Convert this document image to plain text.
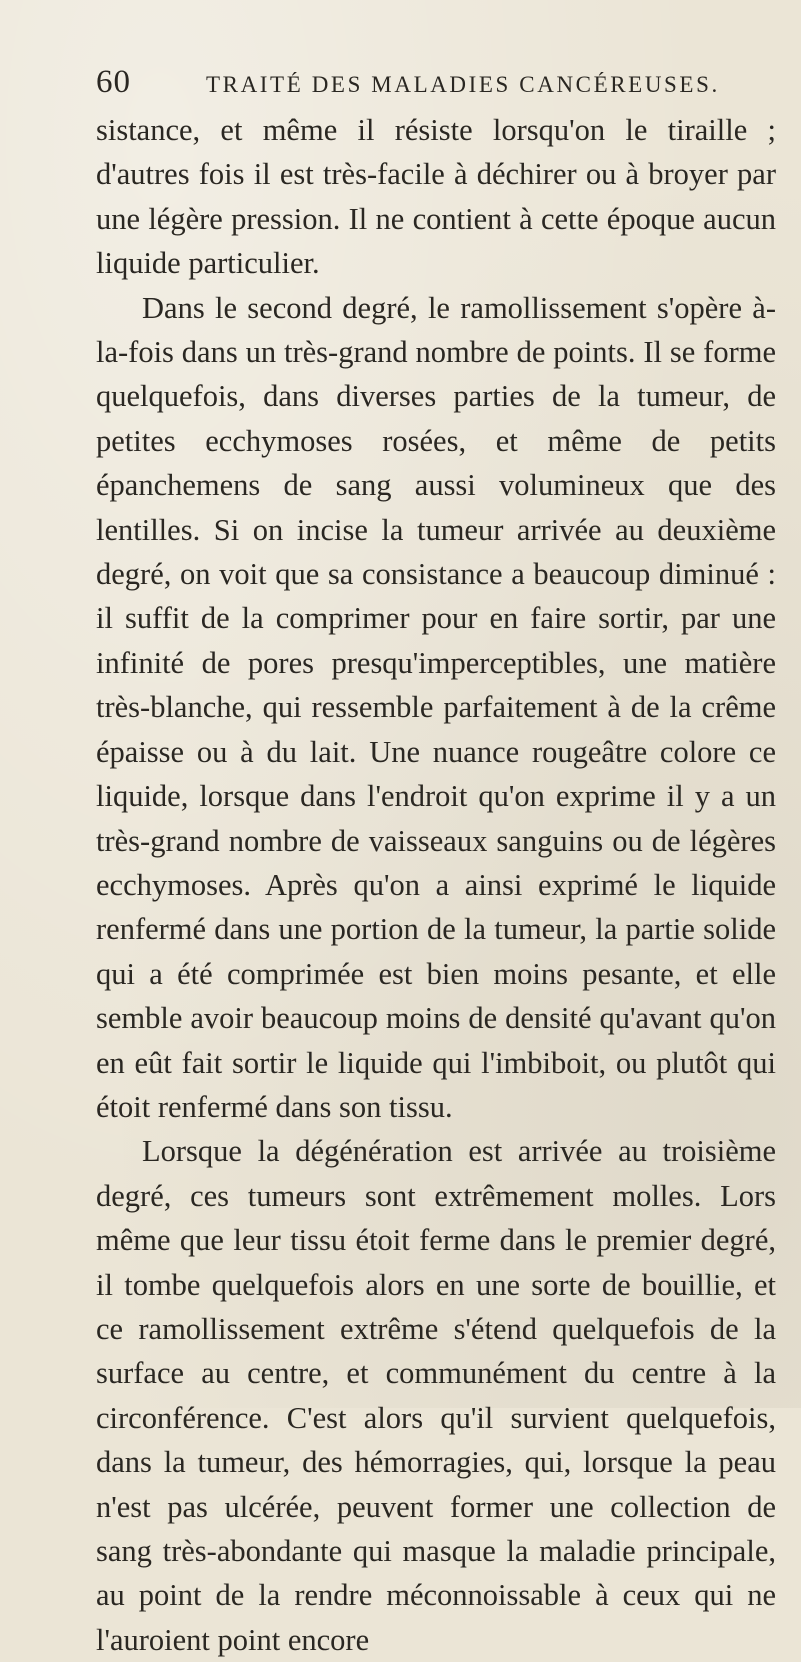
60	TRAITÉ DES MALADIES CANCÉREUSES.

sistance, et même il résiste lorsqu'on le tiraille ; d'autres fois il est très-facile à déchirer ou à broyer par une légère pression. Il ne contient à cette époque aucun liquide particulier.

Dans le second degré, le ramollissement s'opère à-la-fois dans un très-grand nombre de points. Il se forme quelquefois, dans diverses parties de la tumeur, de petites ecchymoses rosées, et même de petits épanchemens de sang aussi volumineux que des lentilles. Si on incise la tumeur arrivée au deuxième degré, on voit que sa consistance a beaucoup diminué : il suffit de la comprimer pour en faire sortir, par une infinité de pores presqu'imperceptibles, une matière très-blanche, qui ressemble parfaitement à de la crême épaisse ou à du lait. Une nuance rougeâtre colore ce liquide, lorsque dans l'endroit qu'on exprime il y a un très-grand nombre de vaisseaux sanguins ou de légères ecchymoses. Après qu'on a ainsi exprimé le liquide renfermé dans une portion de la tumeur, la partie solide qui a été comprimée est bien moins pesante, et elle semble avoir beaucoup moins de densité qu'avant qu'on en eût fait sortir le liquide qui l'imbiboit, ou plutôt qui étoit renfermé dans son tissu.

Lorsque la dégénération est arrivée au troisième degré, ces tumeurs sont extrêmement molles. Lors même que leur tissu étoit ferme dans le premier degré, il tombe quelquefois alors en une sorte de bouillie, et ce ramollissement extrême s'étend quelquefois de la surface au centre, et communément du centre à la circonférence. C'est alors qu'il survient quelquefois, dans la tumeur, des hémorragies, qui, lorsque la peau n'est pas ulcérée, peuvent former une collection de sang très-abondante qui masque la maladie principale, au point de la rendre méconnoissable à ceux qui ne l'auroient point encore
